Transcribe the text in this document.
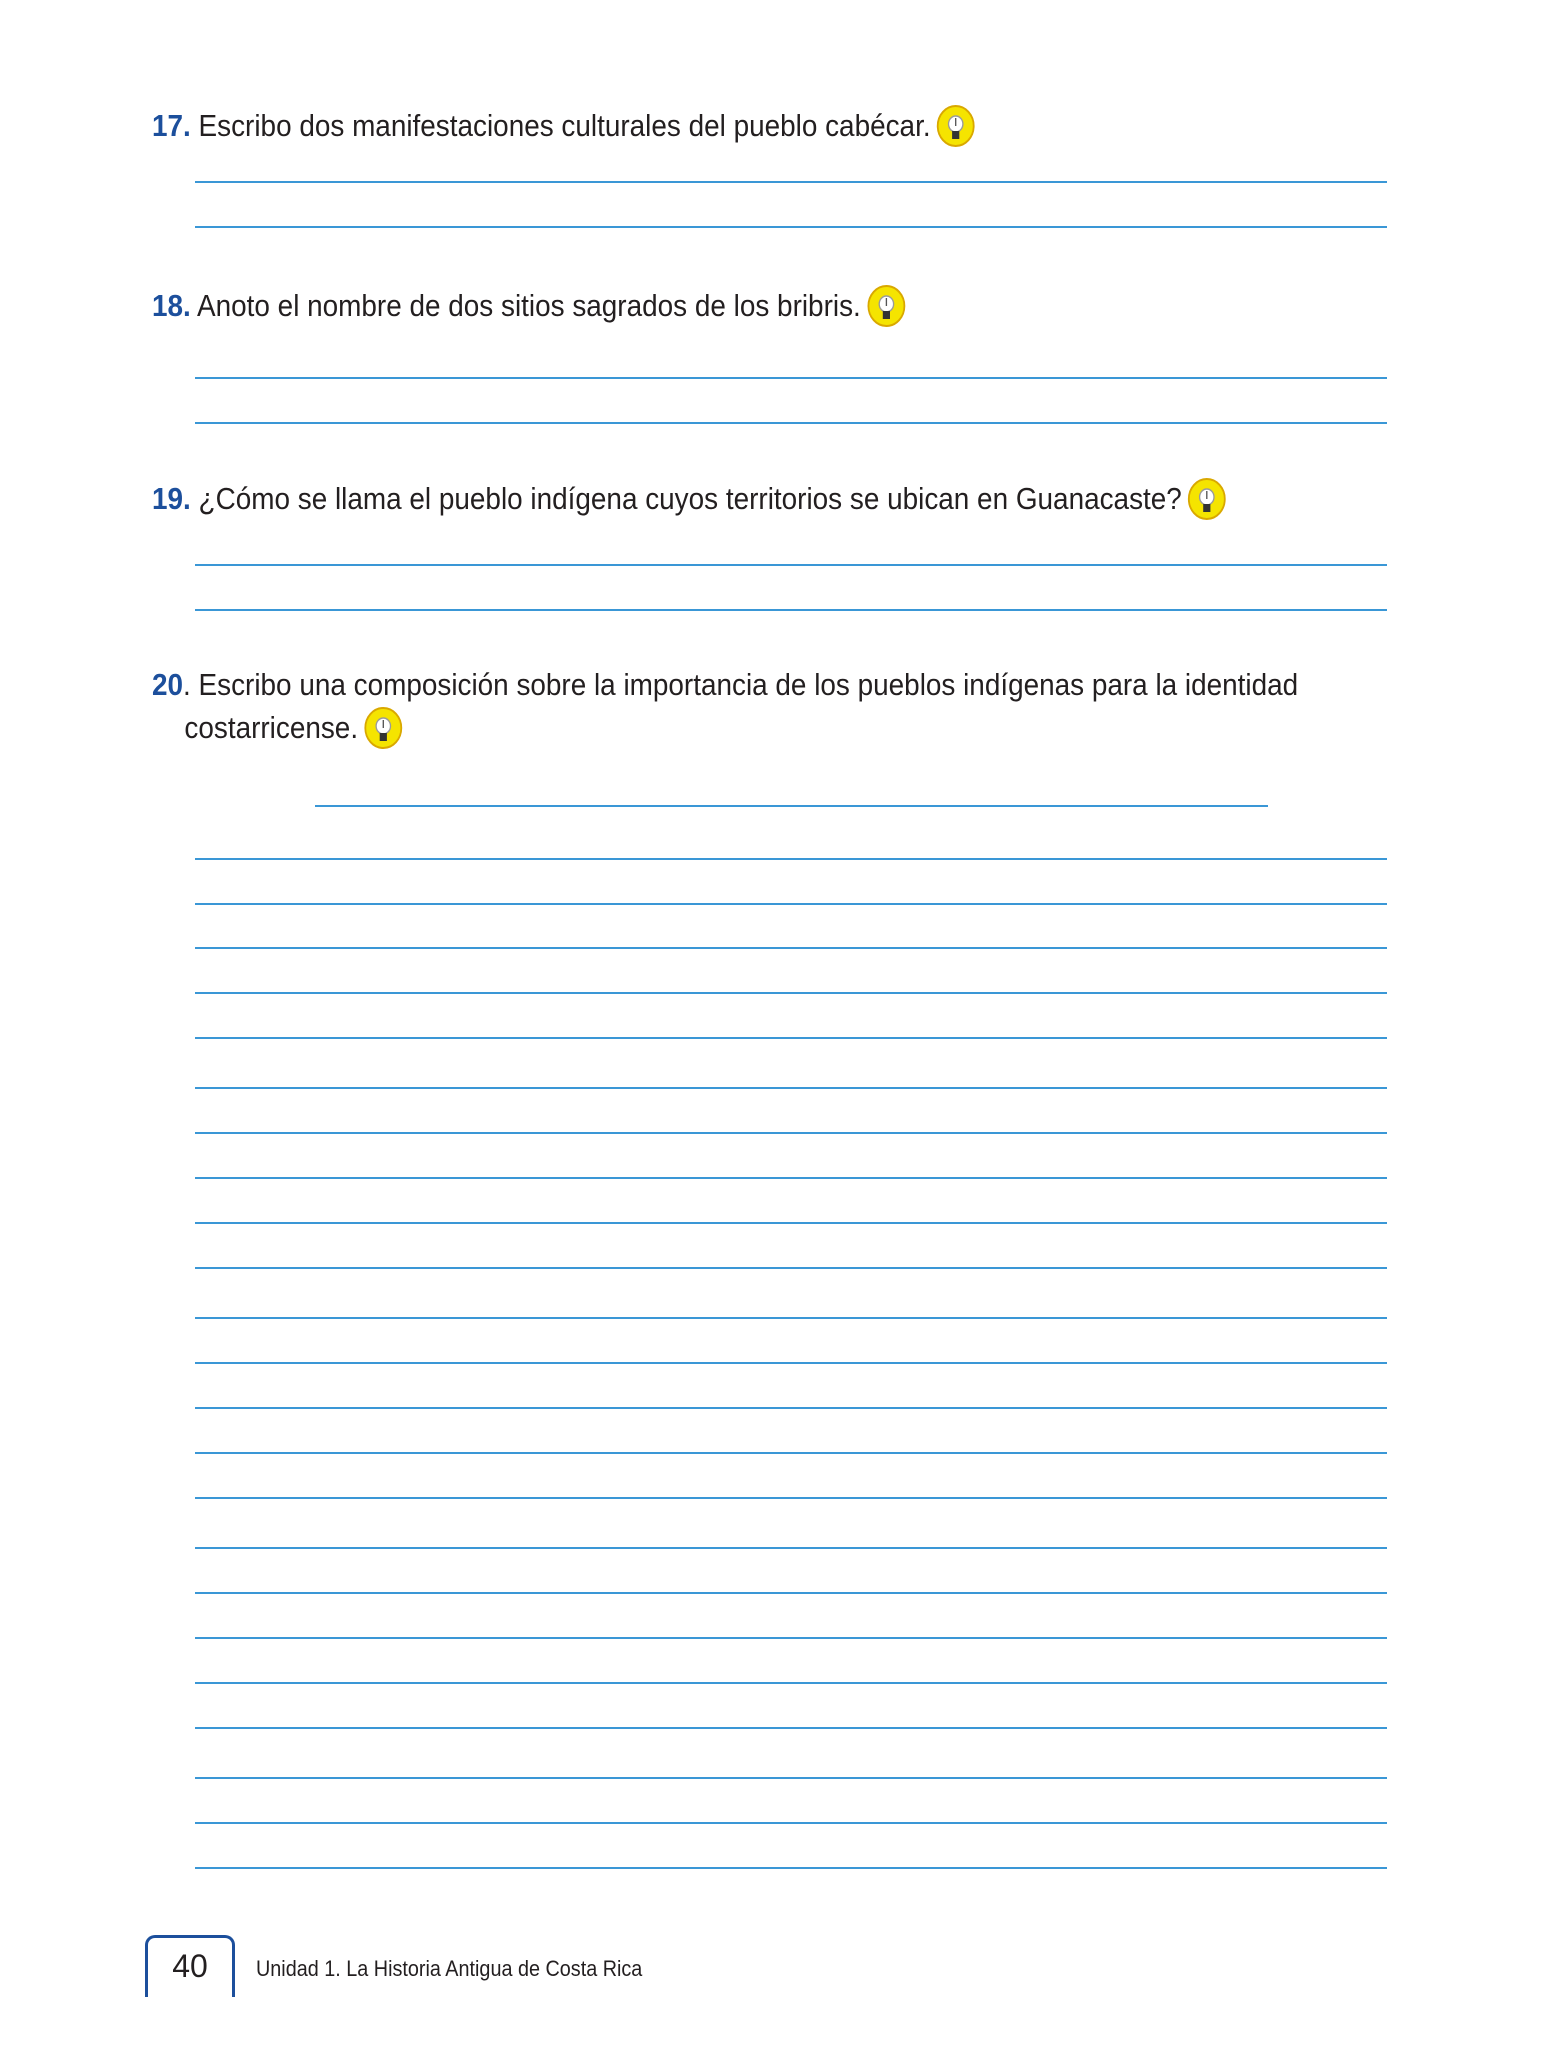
17. Escribo dos manifestaciones culturales del pueblo cabécar.
18. Anoto el nombre de dos sitios sagrados de los bribris.
19. ¿Cómo se llama el pueblo indígena cuyos territorios se ubican en Guanacaste?
20. Escribo una composición sobre la importancia de los pueblos indígenas para la identidad
costarricense.
40	Unidad 1. La Historia Antigua de Costa Rica
